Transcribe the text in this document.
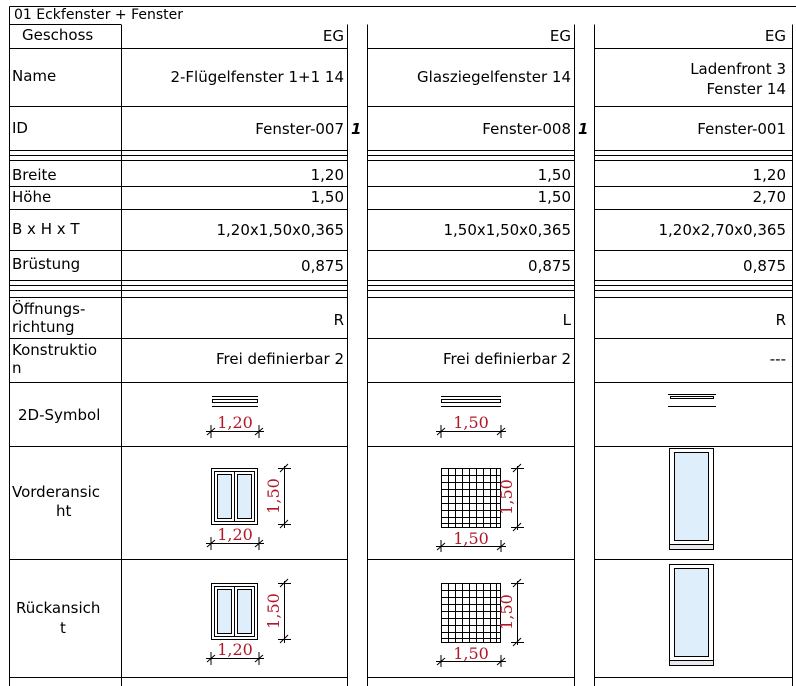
01 Eckfenster + Fenster
Geschoss
Name
ID
Breite
Höhe
B x H x T
Brüstung
Öffnungs-
richtung
Konstruktio
n
2D-Symbol
Vorderansic
ht
Rückansich
t
EG
2-Flügelfenster 1+1 14
Fenster-007 1
1,20
1,50
1,20x1,50x0,365
0,875
R
Frei definierbar 2
1,20
1,20
1,50
1,20
1,50
EG
Glasziegelfenster 14
Fenster-008 1
1,50
1,50
1,50x1,50x0,365
0,875
L
Frei definierbar 2
1,50
1,50
1,50
1,50
1,50
EG
Ladenfront 3
Fenster 14
Fenster-001
1,20
2,70
1,20x2,70x0,365
0,875
R
---
